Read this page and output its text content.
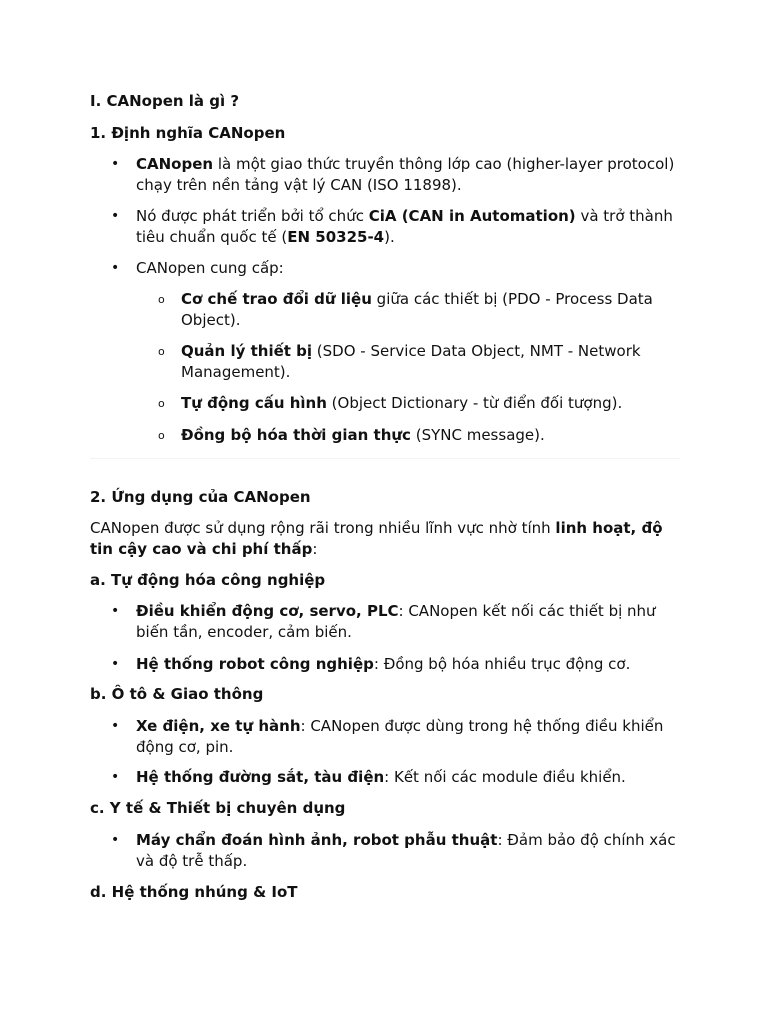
I. CANopen là gì ?
1. Định nghĩa CANopen
• CANopen là một giao thức truyền thông lớp cao (higher-layer protocol) chạy trên nền tảng vật lý CAN (ISO 11898).
• Nó được phát triển bởi tổ chức CiA (CAN in Automation) và trở thành tiêu chuẩn quốc tế (EN 50325-4).
• CANopen cung cấp:
o Cơ chế trao đổi dữ liệu giữa các thiết bị (PDO - Process Data Object).
o Quản lý thiết bị (SDO - Service Data Object, NMT - Network Management).
o Tự động cấu hình (Object Dictionary - từ điển đối tượng).
o Đồng bộ hóa thời gian thực (SYNC message).
2. Ứng dụng của CANopen
CANopen được sử dụng rộng rãi trong nhiều lĩnh vực nhờ tính linh hoạt, độ tin cậy cao và chi phí thấp:
a. Tự động hóa công nghiệp
• Điều khiển động cơ, servo, PLC: CANopen kết nối các thiết bị như biến tần, encoder, cảm biến.
• Hệ thống robot công nghiệp: Đồng bộ hóa nhiều trục động cơ.
b. Ô tô & Giao thông
• Xe điện, xe tự hành: CANopen được dùng trong hệ thống điều khiển động cơ, pin.
• Hệ thống đường sắt, tàu điện: Kết nối các module điều khiển.
c. Y tế & Thiết bị chuyên dụng
• Máy chẩn đoán hình ảnh, robot phẫu thuật: Đảm bảo độ chính xác và độ trễ thấp.
d. Hệ thống nhúng & IoT
